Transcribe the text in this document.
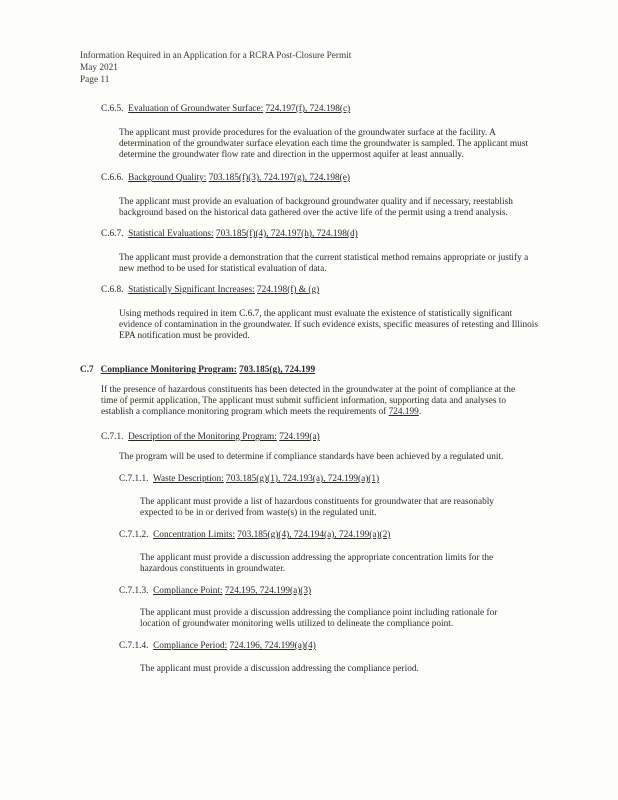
Information Required in an Application for a RCRA Post-Closure Permit
May 2021
Page 11
C.6.5. Evaluation of Groundwater Surface: 724.197(f), 724.198(c)

The applicant must provide procedures for the evaluation of the groundwater surface at the facility. A determination of the groundwater surface elevation each time the groundwater is sampled. The applicant must determine the groundwater flow rate and direction in the uppermost aquifer at least annually.

C.6.6. Background Quality: 703.185(f)(3), 724.197(g), 724.198(e)

The applicant must provide an evaluation of background groundwater quality and if necessary, reestablish background based on the historical data gathered over the active life of the permit using a trend analysis.

C.6.7. Statistical Evaluations: 703.185(f)(4), 724.197(h), 724.198(d)

The applicant must provide a demonstration that the current statistical method remains appropriate or justify a new method to be used for statistical evaluation of data.

C.6.8. Statistically Significant Increases: 724.198(f) & (g)

Using methods required in item C.6.7, the applicant must evaluate the existence of statistically significant evidence of contamination in the groundwater. If such evidence exists, specific measures of retesting and Illinois EPA notification must be provided.

C.7 Compliance Monitoring Program: 703.185(g), 724.199

If the presence of hazardous constituents has been detected in the groundwater at the point of compliance at the time of permit application, The applicant must submit sufficient information, supporting data and analyses to establish a compliance monitoring program which meets the requirements of 724.199.

C.7.1. Description of the Monitoring Program: 724.199(a)

The program will be used to determine if compliance standards have been achieved by a regulated unit.

C.7.1.1. Waste Description: 703.185(g)(1), 724.193(a), 724.199(a)(1)

The applicant must provide a list of hazardous constituents for groundwater that are reasonably expected to be in or derived from waste(s) in the regulated unit.

C.7.1.2. Concentration Limits: 703.185(g)(4), 724.194(a), 724.199(a)(2)

The applicant must provide a discussion addressing the appropriate concentration limits for the hazardous constituents in groundwater.

C.7.1.3. Compliance Point: 724.195, 724.199(a)(3)

The applicant must provide a discussion addressing the compliance point including rationale for location of groundwater monitoring wells utilized to delineate the compliance point.

C.7.1.4. Compliance Period: 724.196, 724.199(a)(4)

The applicant must provide a discussion addressing the compliance period.
